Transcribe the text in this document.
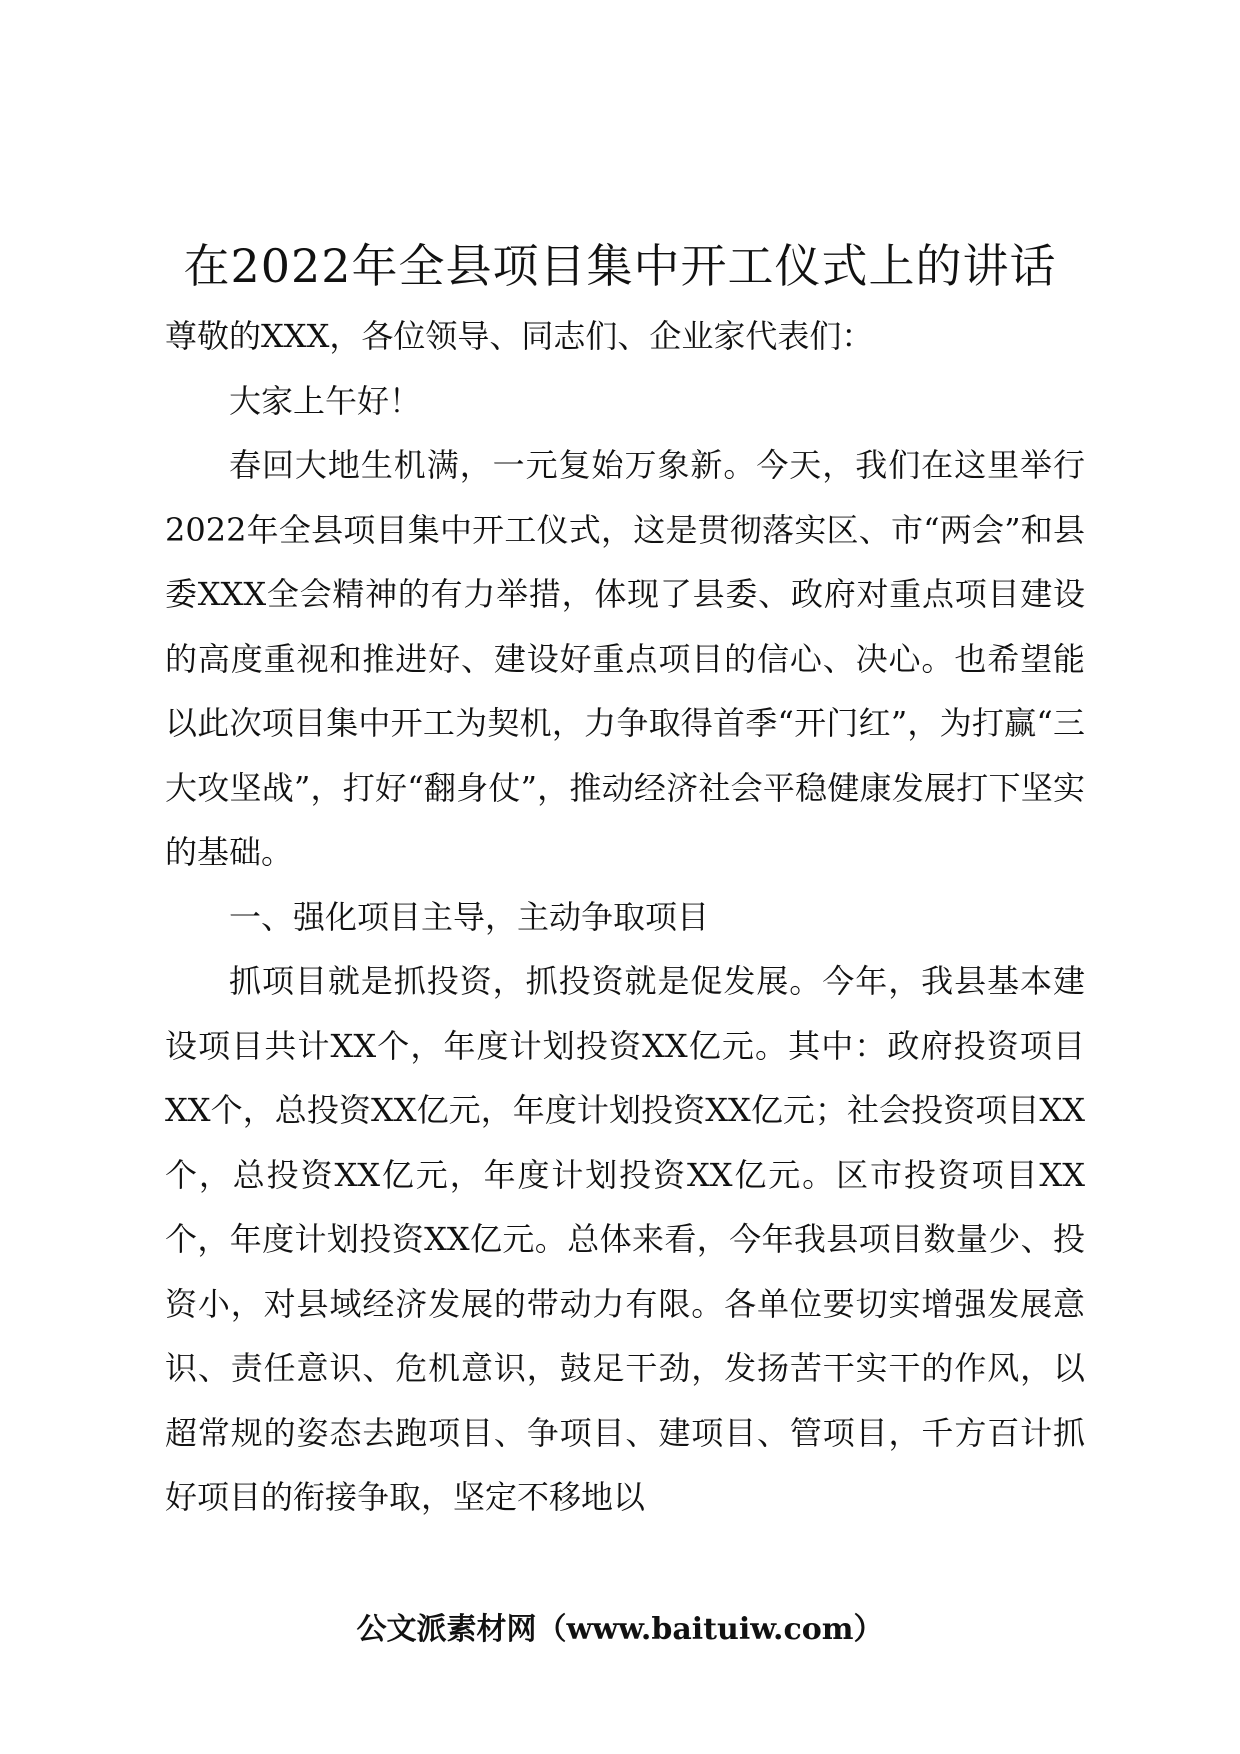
在2022年全县项目集中开工仪式上的讲话

尊敬的XXX，各位领导、同志们、企业家代表们：

大家上午好！

春回大地生机满，一元复始万象新。今天，我们在这里举行2022年全县项目集中开工仪式，这是贯彻落实区、市“两会”和县委XXX全会精神的有力举措，体现了县委、政府对重点项目建设的高度重视和推进好、建设好重点项目的信心、决心。也希望能以此次项目集中开工为契机，力争取得首季“开门红”，为打赢“三大攻坚战”，打好“翻身仗”，推动经济社会平稳健康发展打下坚实的基础。

一、强化项目主导，主动争取项目

抓项目就是抓投资，抓投资就是促发展。今年，我县基本建设项目共计XX个，年度计划投资XX亿元。其中：政府投资项目XX个，总投资XX亿元，年度计划投资XX亿元；社会投资项目XX个，总投资XX亿元，年度计划投资XX亿元。区市投资项目XX个，年度计划投资XX亿元。总体来看，今年我县项目数量少、投资小，对县域经济发展的带动力有限。各单位要切实增强发展意识、责任意识、危机意识，鼓足干劲，发扬苦干实干的作风，以超常规的姿态去跑项目、争项目、建项目、管项目，千方百计抓好项目的衔接争取，坚定不移地以

公文派素材网（www.baituiw.com）
